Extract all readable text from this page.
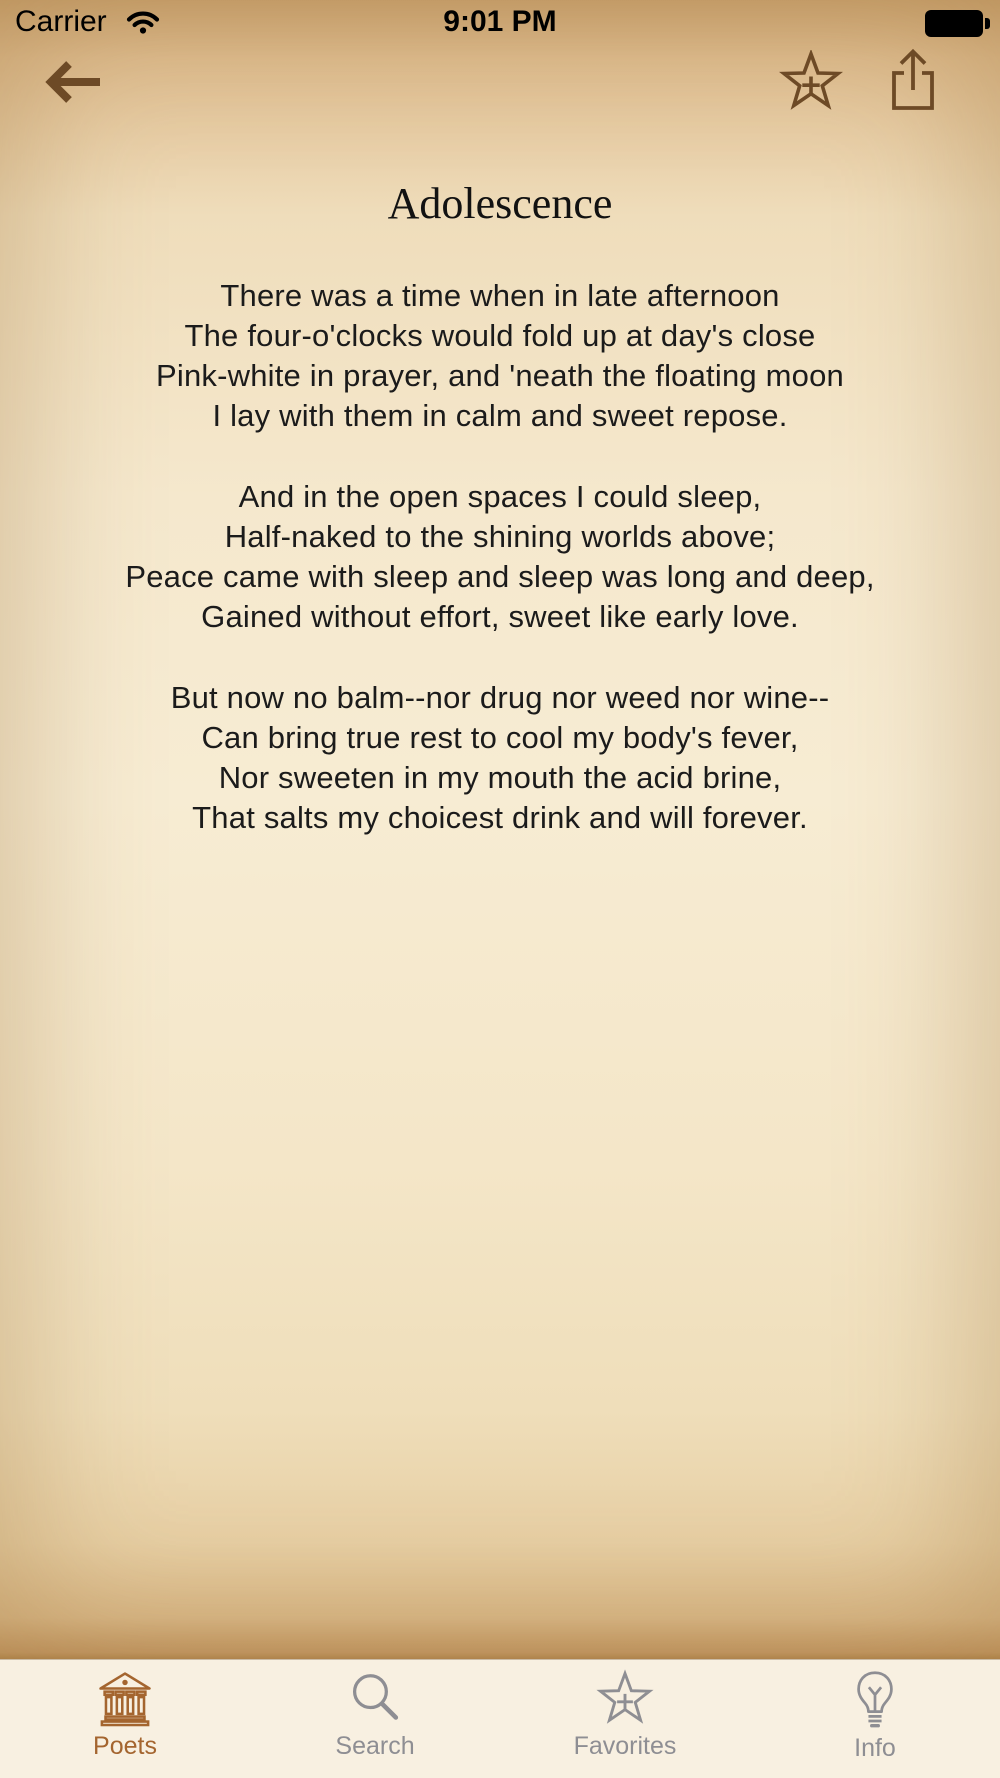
Carrier	9:01 PM
Adolescence
There was a time when in late afternoon
The four-o'clocks would fold up at day's close
Pink-white in prayer, and 'neath the floating moon
I lay with them in calm and sweet repose.
And in the open spaces I could sleep,
Half-naked to the shining worlds above;
Peace came with sleep and sleep was long and deep,
Gained without effort, sweet like early love.
But now no balm--nor drug nor weed nor wine--
Can bring true rest to cool my body's fever,
Nor sweeten in my mouth the acid brine,
That salts my choicest drink and will forever.
Poets	Search	Favorites	Info
